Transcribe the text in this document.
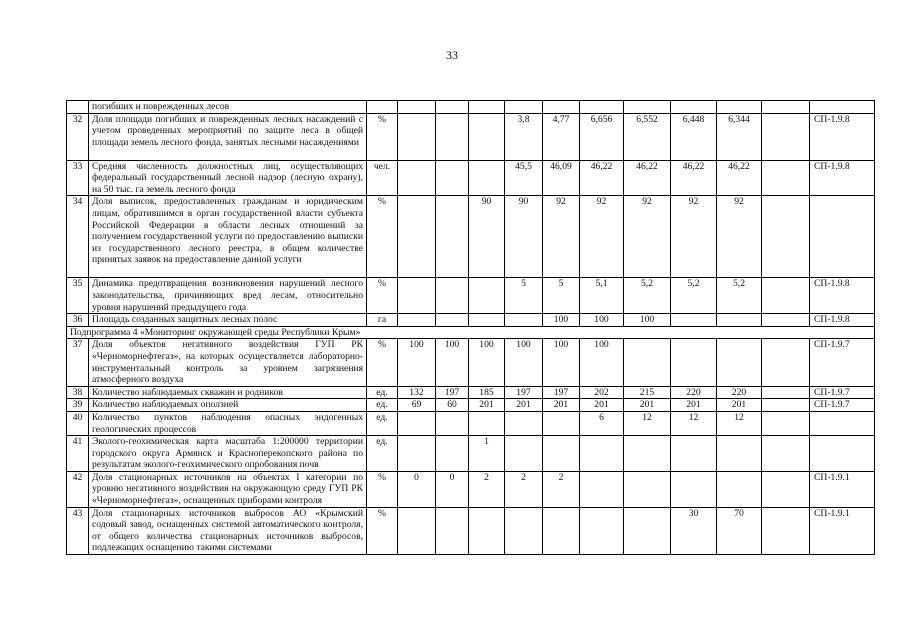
33
	погибших и поврежденных лесов												
32	Доля площади погибших и поврежденных лесных насаждений с учетом проведенных мероприятий по защите леса в общей площади земель лесного фонда, занятых лесными насаждениями	%				3,8	4,77	6,656	6,552	6,448	6,344		СП-1.9.8
33	Средняя численность должностных лиц, осуществляющих федеральный государственный лесной надзор (лесную охрану), на 50 тыс. га земель лесного фонда	чел.				45,5	46,09	46,22	46,22	46,22	46,22		СП-1.9.8
34	Доля выписок, предоставленных гражданам и юридическим лицам, обратившимся в орган государственной власти субъекта Российской Федерации в области лесных отношений за получением государственной услуги по предоставлению выписки из государственного лесного реестра, в общем количестве принятых заявок на предоставление данной услуги	%			90	90	92	92	92	92	92		
35	Динамика предотвращения возникновения нарушений лесного законодательства, причиняющих вред лесам, относительно уровня нарушений предыдущего года	%				5	5	5,1	5,2	5,2	5,2		СП-1.9.8
36	Площадь созданных защитных лесных полос	га					100	100	100				СП-1.9.8
Подпрограмма 4 «Мониторинг окружающей среды Республики Крым»													
37	Доля объектов негативного воздействия ГУП РК «Черноморнефтегаз», на которых осуществляется лабораторно-инструментальный контроль за уровнем загрязнения атмосферного воздуха	%	100	100	100	100	100	100					СП-1.9.7
38	Количество наблюдаемых скважин и родников	ед.	132	197	185	197	197	202	215	220	220		СП-1.9.7
39	Количество наблюдаемых оползней	ед.	69	60	201	201	201	201	201	201	201		СП-1.9.7
40	Количество пунктов наблюдения опасных эндогенных геологических процессов	ед.						6	12	12	12		
41	Эколого-геохимическая карта масштаба 1:200000 территории городского округа Армянск и Красноперекопского района по результатам эколого-геохимического опробования почв	ед.			1								
42	Доля стационарных источников на объектах I категории по уровню негативного воздействия на окружающую среду ГУП РК «Черноморнефтегаз», оснащенных приборами контроля	%	0	0	2	2	2						СП-1.9.1
43	Доля стационарных источников выбросов АО «Крымский содовый завод, оснащенных системой автоматического контроля, от общего количества стационарных источников выбросов, подлежащих оснащению такими системами	%								30	70		СП-1.9.1
